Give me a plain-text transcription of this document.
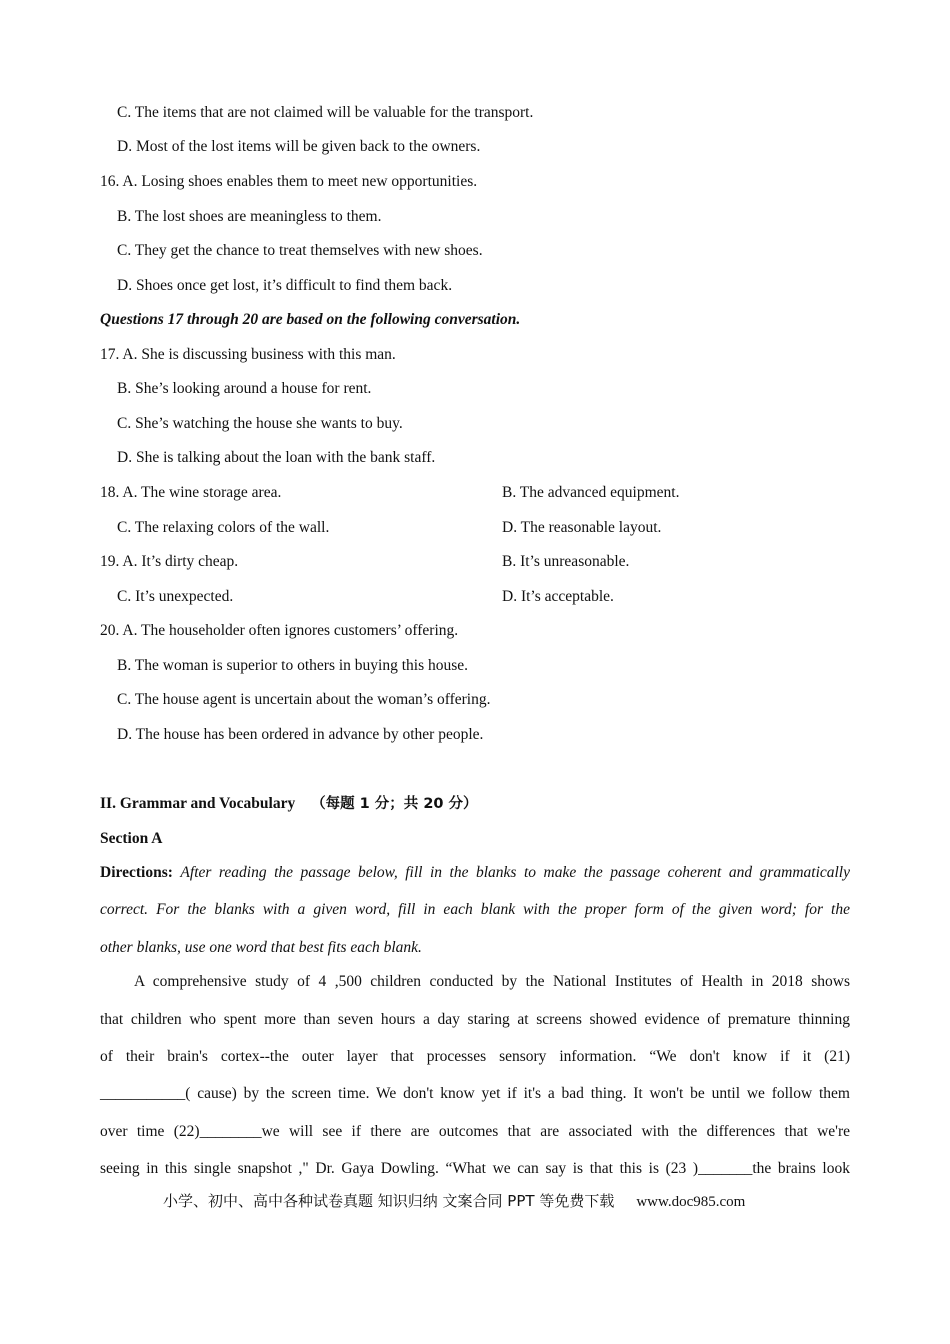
C. The items that are not claimed will be valuable for the transport.
D. Most of the lost items will be given back to the owners.
16. A. Losing shoes enables them to meet new opportunities.
B. The lost shoes are meaningless to them.
C. They get the chance to treat themselves with new shoes.
D. Shoes once get lost, it’s difficult to find them back.
Questions 17 through 20 are based on the following conversation.
17. A. She is discussing business with this man.
B. She’s looking around a house for rent.
C. She’s watching the house she wants to buy.
D. She is talking about the loan with the bank staff.
18. A. The wine storage area.	B. The advanced equipment.
C. The relaxing colors of the wall.	D. The reasonable layout.
19. A. It’s dirty cheap.	B. It’s unreasonable.
C. It’s unexpected.	D. It’s acceptable.
20. A. The householder often ignores customers’ offering.
B. The woman is superior to others in buying this house.
C. The house agent is uncertain about the woman’s offering.
D. The house has been ordered in advance by other people.
II. Grammar and Vocabulary （每题 1 分；共 20 分）
Section A
Directions: After reading the passage below, fill in the blanks to make the passage coherent and grammatically
correct. For the blanks with a given word, fill in each blank with the proper form of the given word; for the
other blanks, use one word that best fits each blank.
A comprehensive study of 4 ,500 children conducted by the National Institutes of Health in 2018 shows
that children who spent more than seven hours a day staring at screens showed evidence of premature thinning
of their brain's cortex--the outer layer that processes sensory information. “We don't know if it (21)
___________( cause) by the screen time. We don't know yet if it's a bad thing. It won't be until we follow them
over time (22)________we will see if there are outcomes that are associated with the differences that we're
seeing in this single snapshot ," Dr. Gaya Dowling. “What we can say is that this is (23 )_______the brains look
小学、初中、高中各种试卷真题 知识归纳 文案合同 PPT 等免费下载 www.doc985.com
